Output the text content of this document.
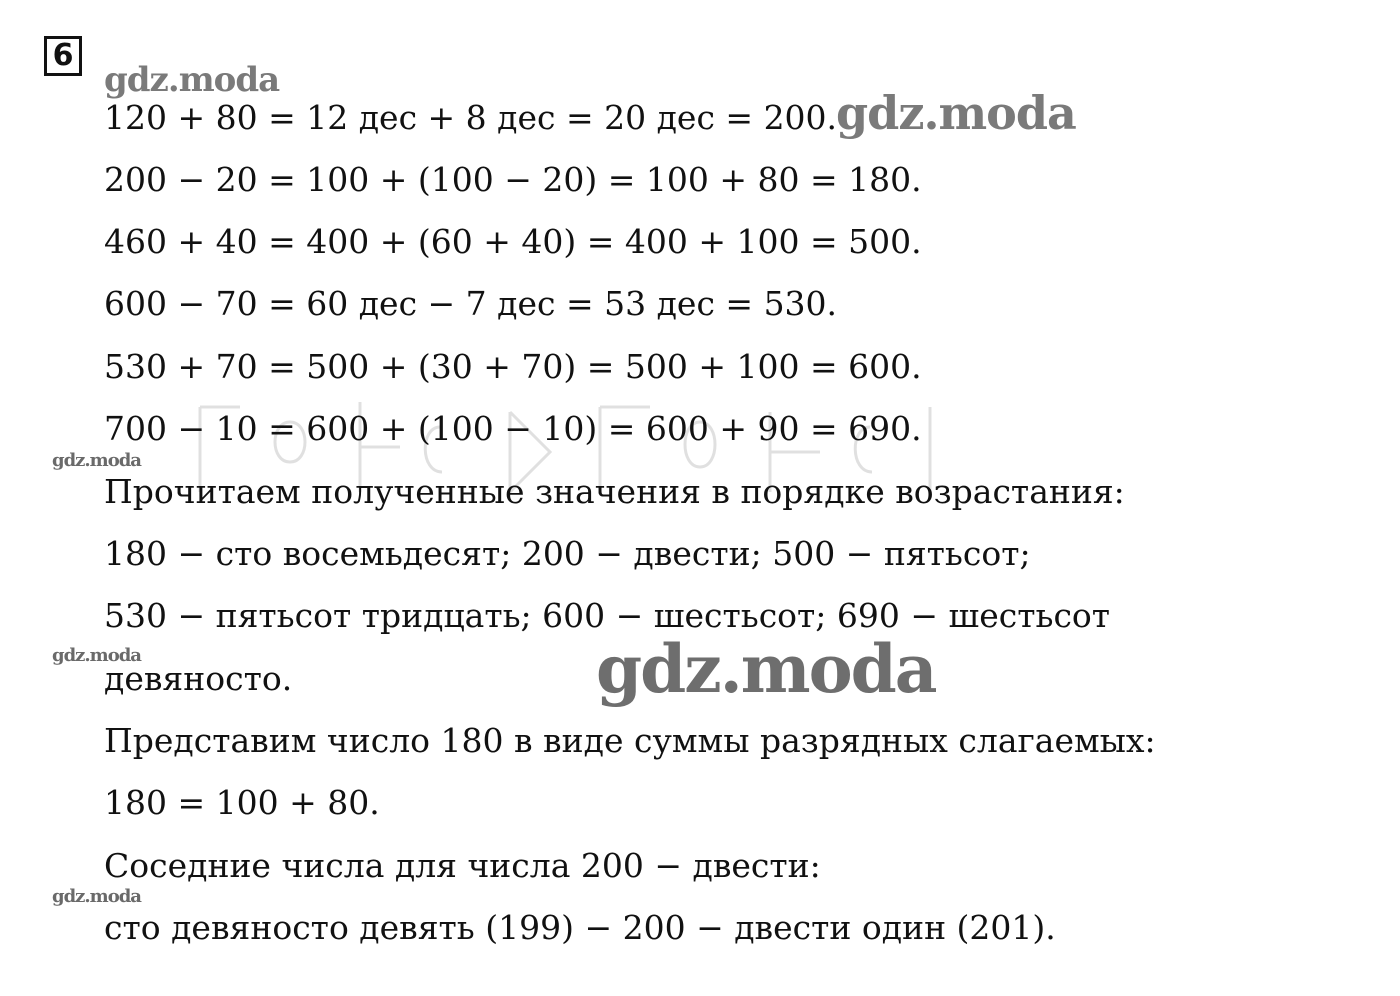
6
gdz.moda
gdz.moda
gdz.moda
gdz.moda
gdz.moda
gdz.moda
120 + 80 = 12 дес + 8 дес = 20 дес = 200.
200 − 20 = 100 + (100 − 20) = 100 + 80 = 180.
460 + 40 = 400 + (60 + 40) = 400 + 100 = 500.
600 − 70 = 60 дес − 7 дес = 53 дес = 530.
530 + 70 = 500 + (30 + 70) = 500 + 100 = 600.
700 − 10 = 600 + (100 − 10) = 600 + 90 = 690.
Прочитаем полученные значения в порядке возрастания:
180 − сто восемьдесят; 200 − двести; 500 − пятьсот;
530 − пятьсот тридцать; 600 − шестьсот; 690 − шестьсот
девяносто.
Представим число 180 в виде суммы разрядных слагаемых:
180 = 100 + 80.
Соседние числа для числа 200 − двести:
сто девяносто девять (199) − 200 − двести один (201).
